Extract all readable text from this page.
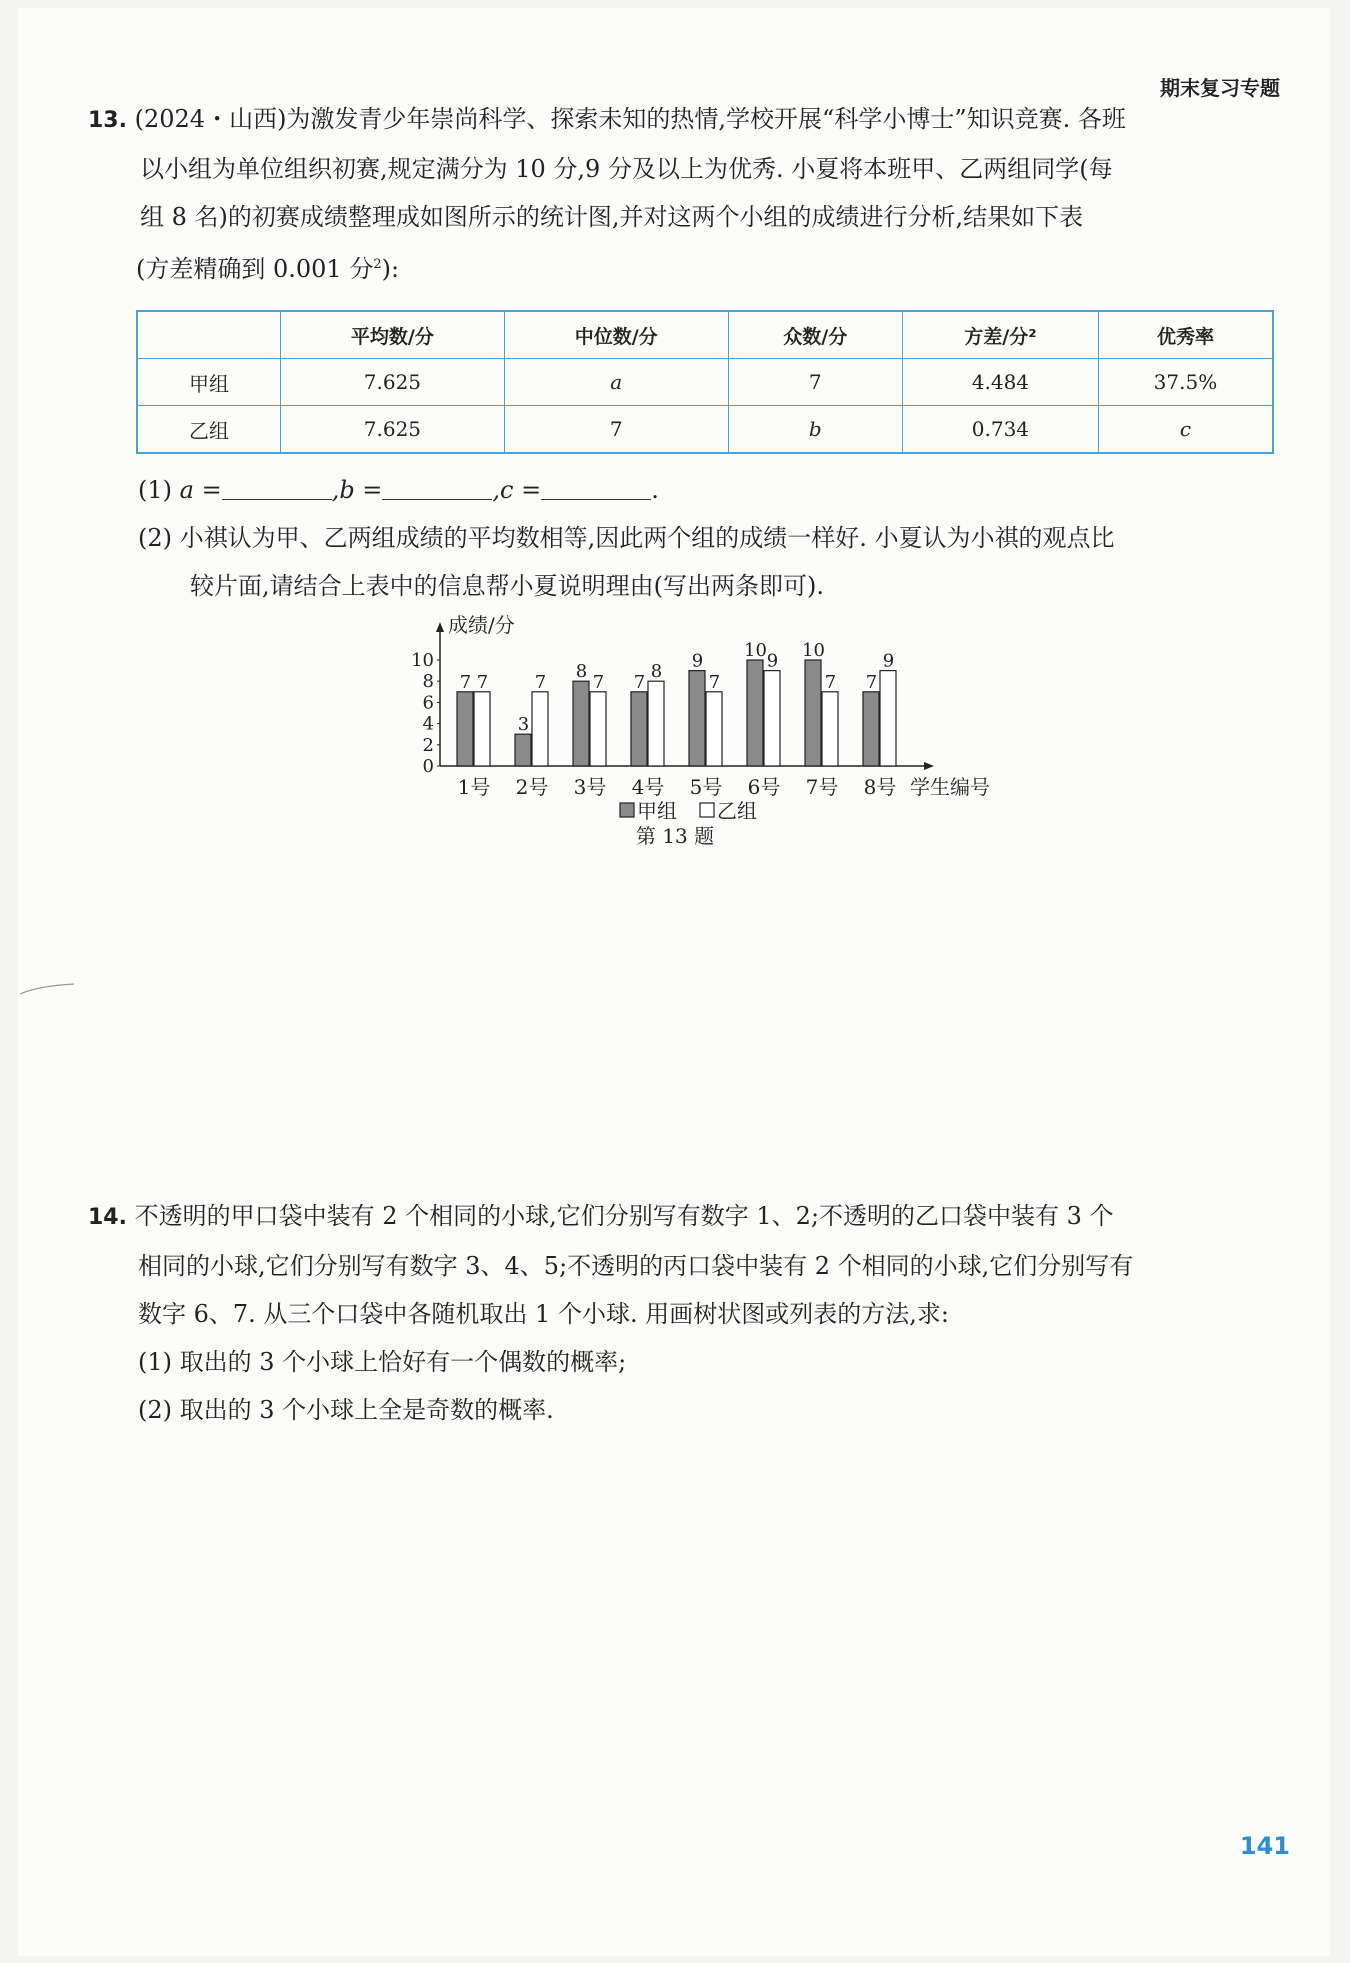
期末复习专题
13. (2024・山西)为激发青少年崇尚科学、探索未知的热情,学校开展“科学小博士”知识竞赛. 各班
以小组为单位组织初赛,规定满分为 10 分,9 分及以上为优秀. 小夏将本班甲、乙两组同学(每
组 8 名)的初赛成绩整理成如图所示的统计图,并对这两个小组的成绩进行分析,结果如下表
(方差精确到 0.001 分$^2$):
	平均数/分	中位数/分	众数/分	方差/分²	优秀率
甲组	7.625	a	7	4.484	37.5%
乙组	7.625	7	b	0.734	c
(1) a =	,b =	,c =	.
(2) 小祺认为甲、乙两组成绩的平均数相等,因此两个组的成绩一样好. 小夏认为小祺的观点比
较片面,请结合上表中的信息帮小夏说明理由(写出两条即可).
成绩/分
学生编号
0
2
4
6
8
10
7 7
1号
3
7
2号
8
7
3号
7
8
4号
9
7
5号
10
9
6号
10
7
7号
7
9
8号
甲组 乙组
第 13 题
14. 不透明的甲口袋中装有 2 个相同的小球,它们分别写有数字 1、2;不透明的乙口袋中装有 3 个
相同的小球,它们分别写有数字 3、4、5;不透明的丙口袋中装有 2 个相同的小球,它们分别写有
数字 6、7. 从三个口袋中各随机取出 1 个小球. 用画树状图或列表的方法,求:
(1) 取出的 3 个小球上恰好有一个偶数的概率;
(2) 取出的 3 个小球上全是奇数的概率.
141
